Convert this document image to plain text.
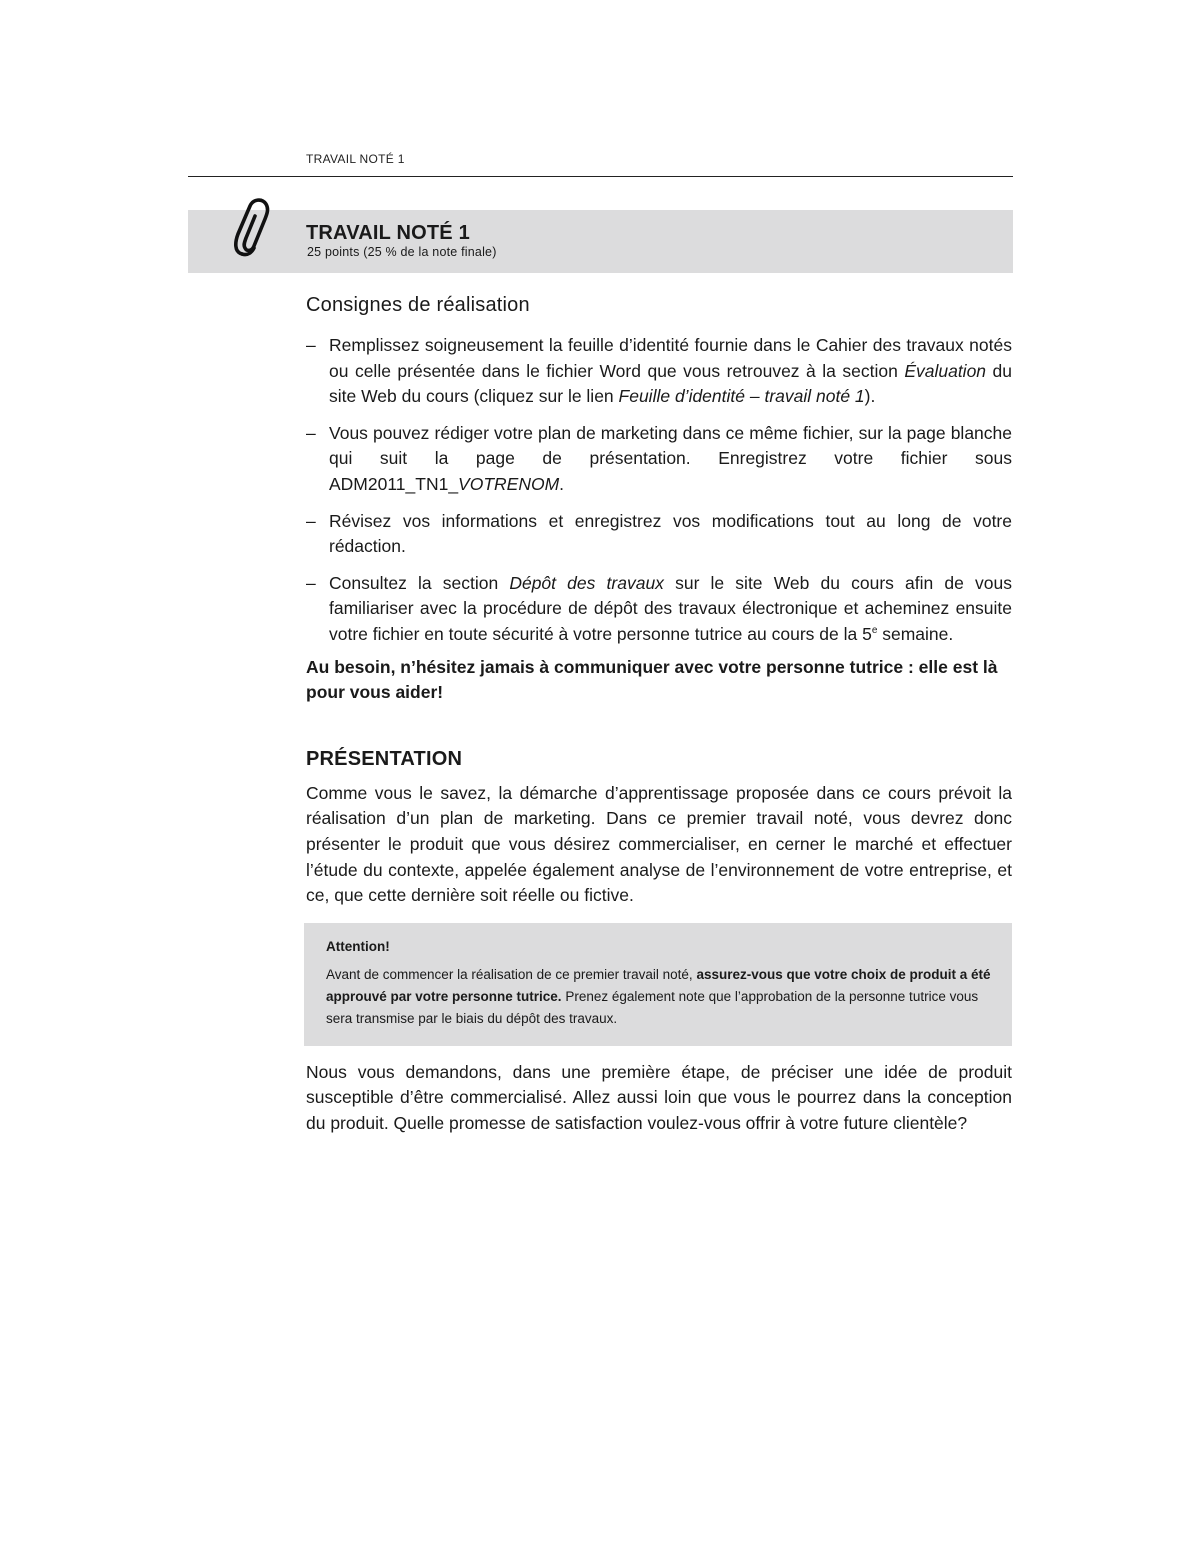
TRAVAIL NOTÉ 1
TRAVAIL NOTÉ 1
25 points (25 % de la note finale)
Consignes de réalisation
– Remplissez soigneusement la feuille d’identité fournie dans le Cahier des travaux notés ou celle présentée dans le fichier Word que vous retrouvez à la section Évaluation du site Web du cours (cliquez sur le lien Feuille d’identité – travail noté 1).
– Vous pouvez rédiger votre plan de marketing dans ce même fichier, sur la page blanche qui suit la page de présentation. Enregistrez votre fichier sous ADM2011_TN1_VOTRENOM.
– Révisez vos informations et enregistrez vos modifications tout au long de votre rédaction.
– Consultez la section Dépôt des travaux sur le site Web du cours afin de vous familiariser avec la procédure de dépôt des travaux électronique et acheminez ensuite votre fichier en toute sécurité à votre personne tutrice au cours de la 5e semaine.

Au besoin, n’hésitez jamais à communiquer avec votre personne tutrice : elle est là pour vous aider!

PRÉSENTATION

Comme vous le savez, la démarche d’apprentissage proposée dans ce cours prévoit la réalisation d’un plan de marketing. Dans ce premier travail noté, vous devrez donc présenter le produit que vous désirez commercialiser, en cerner le marché et effectuer l’étude du contexte, appelée également analyse de l’environnement de votre entreprise, et ce, que cette dernière soit réelle ou fictive.

Attention!

Avant de commencer la réalisation de ce premier travail noté, assurez-vous que votre choix de produit a été approuvé par votre personne tutrice. Prenez également note que l’approbation de la personne tutrice vous sera transmise par le biais du dépôt des travaux.

Nous vous demandons, dans une première étape, de préciser une idée de produit susceptible d’être commercialisé. Allez aussi loin que vous le pourrez dans la conception du produit. Quelle promesse de satisfaction voulez-vous offrir à votre future clientèle?
